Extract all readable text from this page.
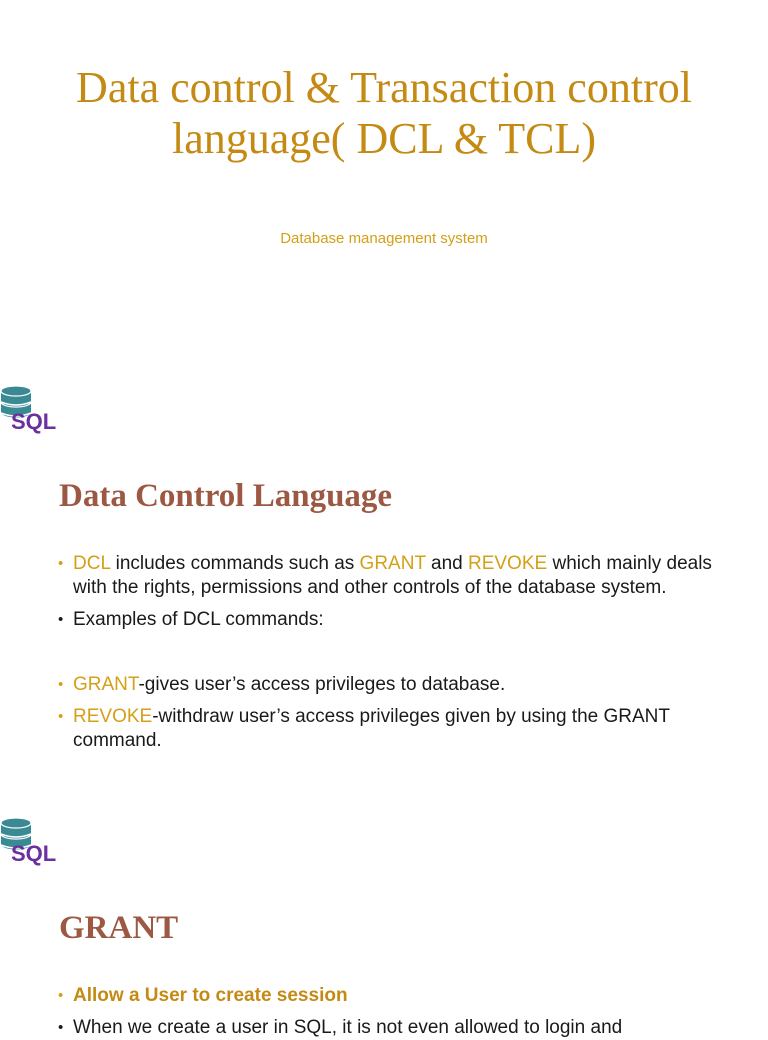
Data control & Transaction control language( DCL & TCL)
Database management system
SQL
Data Control Language
• DCL includes commands such as GRANT and REVOKE which mainly deals with the rights, permissions and other controls of the database system.
• Examples of DCL commands:
• GRANT-gives user’s access privileges to database.
• REVOKE-withdraw user’s access privileges given by using the GRANT command.
SQL
GRANT
• Allow a User to create session
• When we create a user in SQL, it is not even allowed to login and
